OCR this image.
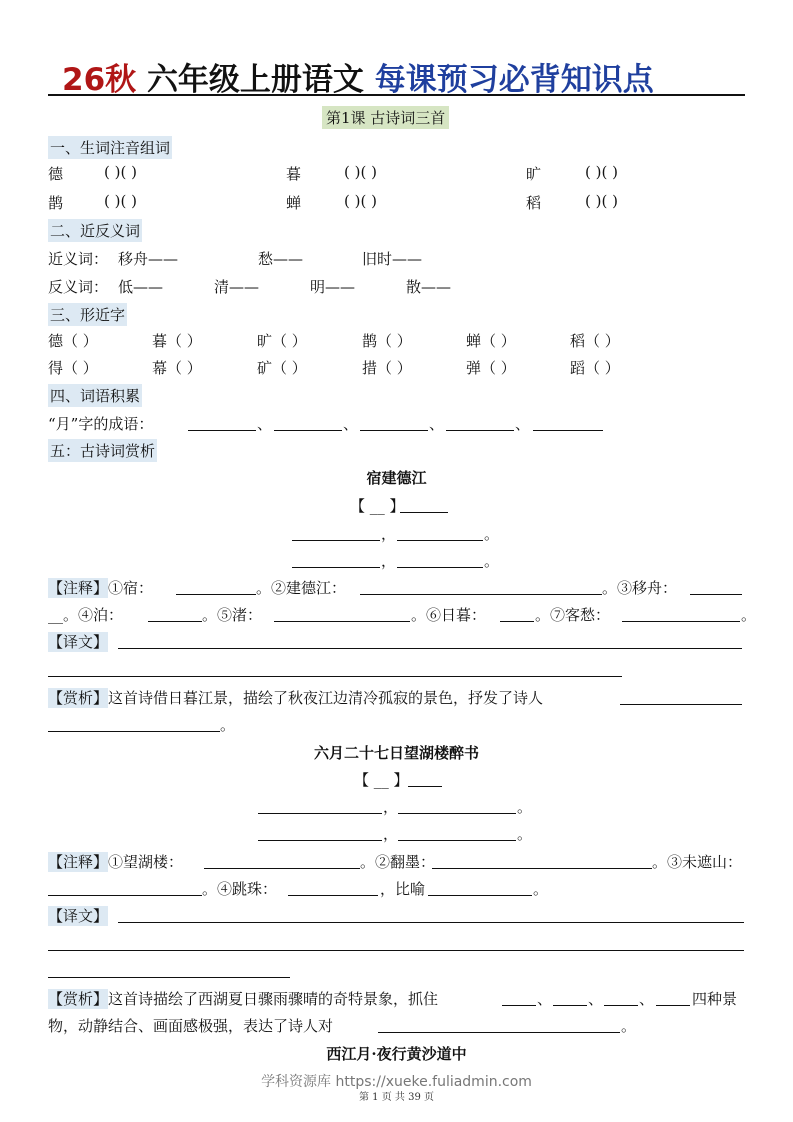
26秋 六年级上册语文 每课预习必背知识点
第1课 古诗词三首
一、生词注音组词
德	( )( )	暮	( )( )	旷	( )( )
鹊	( )( )	蝉	( )( )	稻	( )( )
二、近反义词
近义词： 移舟——	愁——	旧时——
反义词： 低——	清——	明——	散——
三、形近字
德（ ）	暮（ ）	旷（ ）	鹊（ ）	蝉（ ）	稻（ ）
得（ ）	幕（ ）	矿（ ）	措（ ）	弹（ ）	蹈（ ）
四、词语积累
“月”字的成语：	、	、	、	、
五：古诗词赏析
宿建德江
【 __ 】
，	。
，	。
【注释】①宿：	。②建德江：	。③移舟：
__。④泊：	。⑤渚：	。⑥日暮：	。⑦客愁：	。
【译文】
【赏析】这首诗借日暮江景，描绘了秋夜江边清冷孤寂的景色，抒发了诗人
。
六月二十七日望湖楼醉书
【 __ 】
，	。
，	。
【注释】①望湖楼：	。②翻墨：	。③未遮山：
。④跳珠：	，比喻	。
【译文】
【赏析】这首诗描绘了西湖夏日骤雨骤晴的奇特景象，抓住	、 、 、	四种景
物，动静结合、画面感极强，表达了诗人对	。
西江月·夜行黄沙道中
学科资源库 https://xueke.fuliadmin.com
第 1 页 共 39 页
